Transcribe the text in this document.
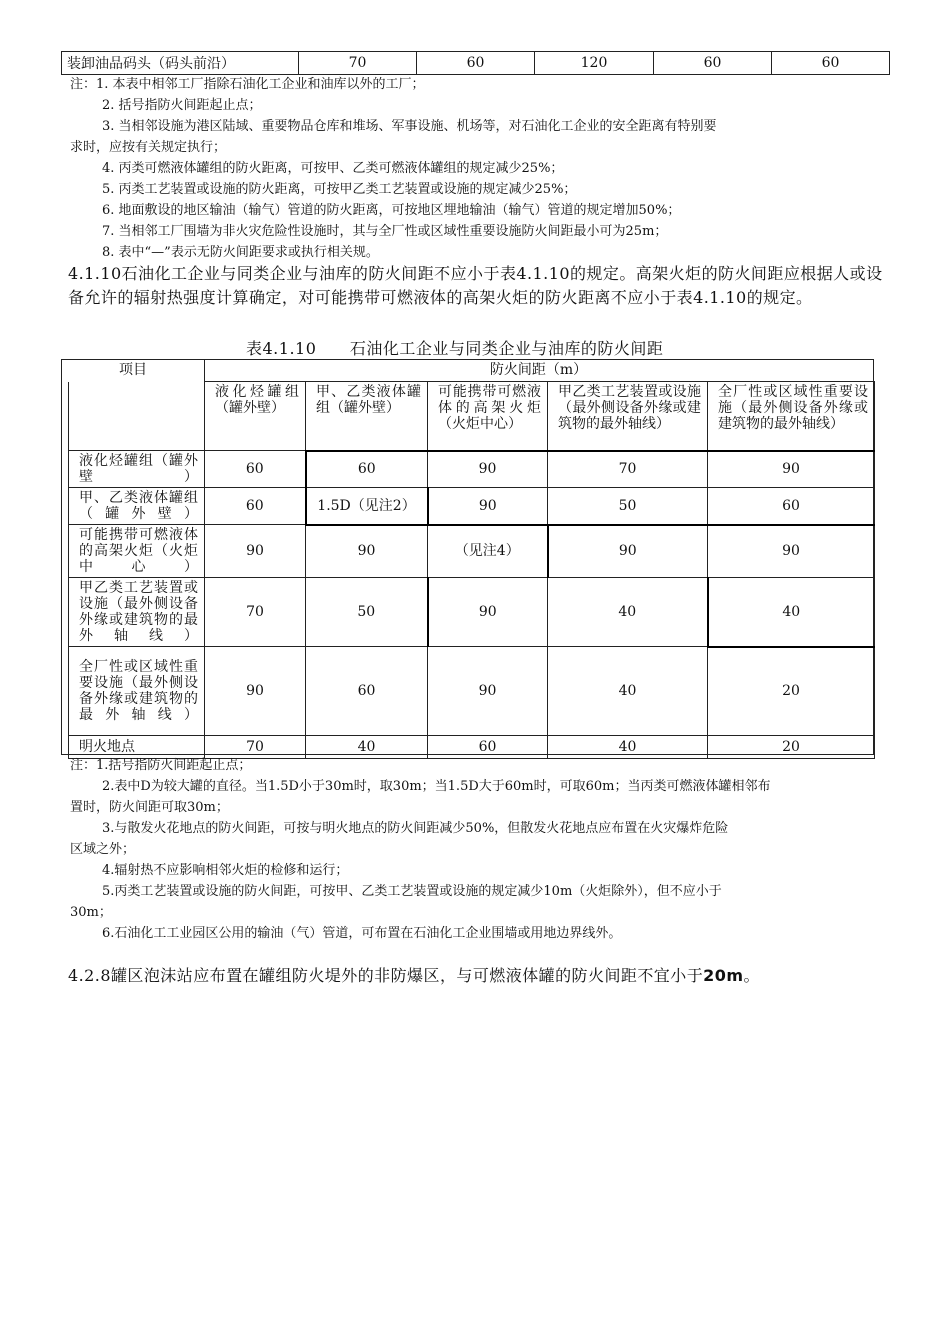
装卸油品码头（码头前沿）	70	60	120	60	60

注：1. 本表中相邻工厂指除石油化工企业和油库以外的工厂；

2. 括号指防火间距起止点；

3. 当相邻设施为港区陆域、重要物品仓库和堆场、军事设施、机场等，对石油化工企业的安全距离有特别要

求时，应按有关规定执行；

4. 丙类可燃液体罐组的防火距离，可按甲、乙类可燃液体罐组的规定减少25%；

5. 丙类工艺装置或设施的防火距离，可按甲乙类工艺装置或设施的规定减少25%；

6. 地面敷设的地区输油（输气）管道的防火距离，可按地区埋地输油（输气）管道的规定增加50%；

7. 当相邻工厂围墙为非火灾危险性设施时，其与全厂性或区域性重要设施防火间距最小可为25m；

8. 表中“—”表示无防火间距要求或执行相关规。

4.1.10石油化工企业与同类企业与油库的防火间距不应小于表4.1.10的规定。高架火炬的防火间距应根据人或设备允许的辐射热强度计算确定，对可能携带可燃液体的高架火炬的防火距离不应小于表4.1.10的规定。

表4.1.10      石油化工企业与同类企业与油库的防火间距

项目	防火间距（m）
	液化烃罐组（罐外壁）	甲、乙类液体罐组（罐外壁）	可能携带可燃液体的高架火炬（火炬中心）	甲乙类工艺装置或设施（最外侧设备外缘或建筑物的最外轴线）	全厂性或区域性重要设施（最外侧设备外缘或建筑物的最外轴线）
液化烃罐组（罐外壁）	60	60	90	70	90
甲、乙类液体罐组（罐外壁）	60	1.5D（见注2）	90	50	60
可能携带可燃液体的高架火炬（火炬中心）	90	90	（见注4）	90	90
甲乙类工艺装置或设施（最外侧设备外缘或建筑物的最外轴线）	70	50	90	40	40
全厂性或区域性重要设施（最外侧设备外缘或建筑物的最外轴线）	90	60	90	40	20
明火地点	70	40	60	40	20

注：1.括号指防火间距起止点；

2.表中D为较大罐的直径。当1.5D小于30m时，取30m；当1.5D大于60m时，可取60m；当丙类可燃液体罐相邻布

置时，防火间距可取30m；

3.与散发火花地点的防火间距，可按与明火地点的防火间距减少50%，但散发火花地点应布置在火灾爆炸危险

区域之外；

4.辐射热不应影响相邻火炬的检修和运行；

5.丙类工艺装置或设施的防火间距，可按甲、乙类工艺装置或设施的规定减少10m（火炬除外），但不应小于

30m；

6.石油化工工业园区公用的输油（气）管道，可布置在石油化工企业围墙或用地边界线外。

4.2.8罐区泡沫站应布置在罐组防火堤外的非防爆区，与可燃液体罐的防火间距不宜小于20m。
